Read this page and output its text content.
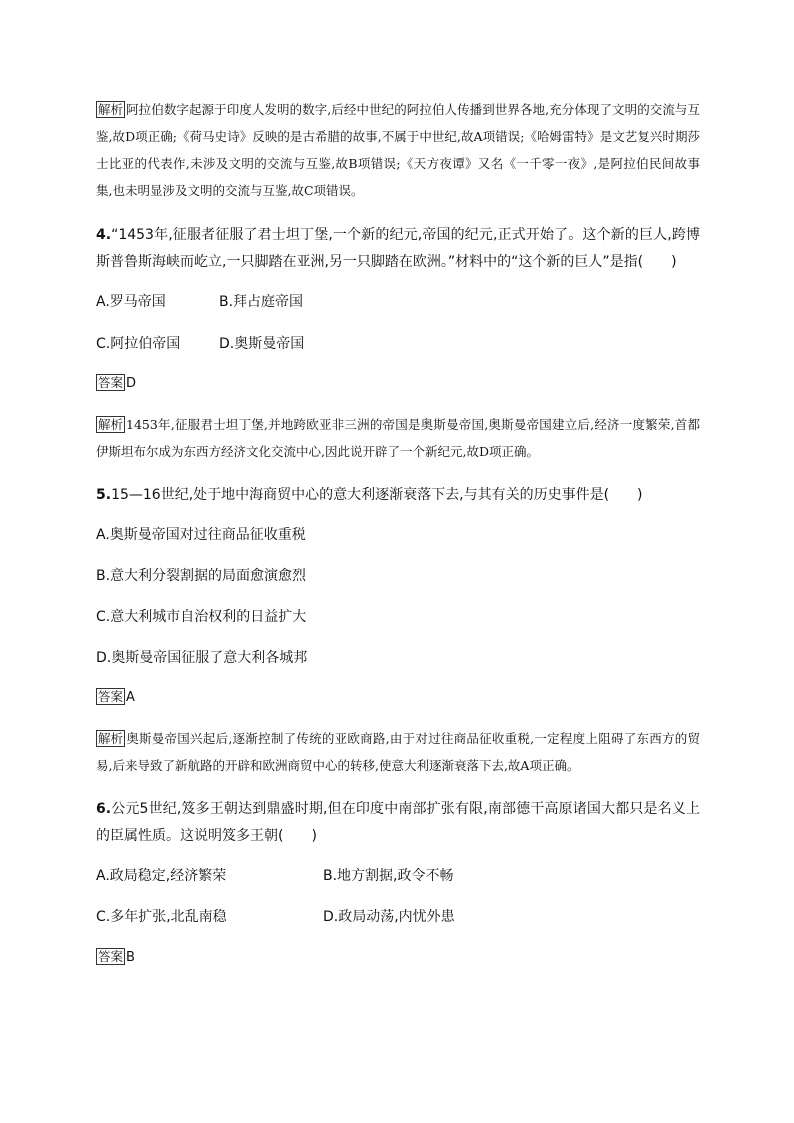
解析 阿拉伯数字起源于印度人发明的数字,后经中世纪的阿拉伯人传播到世界各地,充分体现了文明的交流与互鉴,故D项正确;《荷马史诗》反映的是古希腊的故事,不属于中世纪,故A项错误;《哈姆雷特》是文艺复兴时期莎士比亚的代表作,未涉及文明的交流与互鉴,故B项错误;《天方夜谭》又名《一千零一夜》,是阿拉伯民间故事集,也未明显涉及文明的交流与互鉴,故C项错误。
4.“1453年,征服者征服了君士坦丁堡,一个新的纪元,帝国的纪元,正式开始了。这个新的巨人,跨博斯普鲁斯海峡而屹立,一只脚踏在亚洲,另一只脚踏在欧洲。”材料中的“这个新的巨人”是指(　　)
A.罗马帝国	B.拜占庭帝国
C.阿拉伯帝国	D.奥斯曼帝国
答案 D
解析 1453年,征服君士坦丁堡,并地跨欧亚非三洲的帝国是奥斯曼帝国,奥斯曼帝国建立后,经济一度繁荣,首都伊斯坦布尔成为东西方经济文化交流中心,因此说开辟了一个新纪元,故D项正确。
5.15—16世纪,处于地中海商贸中心的意大利逐渐衰落下去,与其有关的历史事件是(　　)
A.奥斯曼帝国对过往商品征收重税
B.意大利分裂割据的局面愈演愈烈
C.意大利城市自治权利的日益扩大
D.奥斯曼帝国征服了意大利各城邦
答案 A
解析 奥斯曼帝国兴起后,逐渐控制了传统的亚欧商路,由于对过往商品征收重税,一定程度上阻碍了东西方的贸易,后来导致了新航路的开辟和欧洲商贸中心的转移,使意大利逐渐衰落下去,故A项正确。
6.公元5世纪,笈多王朝达到鼎盛时期,但在印度中南部扩张有限,南部德干高原诸国大都只是名义上的臣属性质。这说明笈多王朝(　　)
A.政局稳定,经济繁荣	B.地方割据,政令不畅
C.多年扩张,北乱南稳	D.政局动荡,内忧外患
答案 B
